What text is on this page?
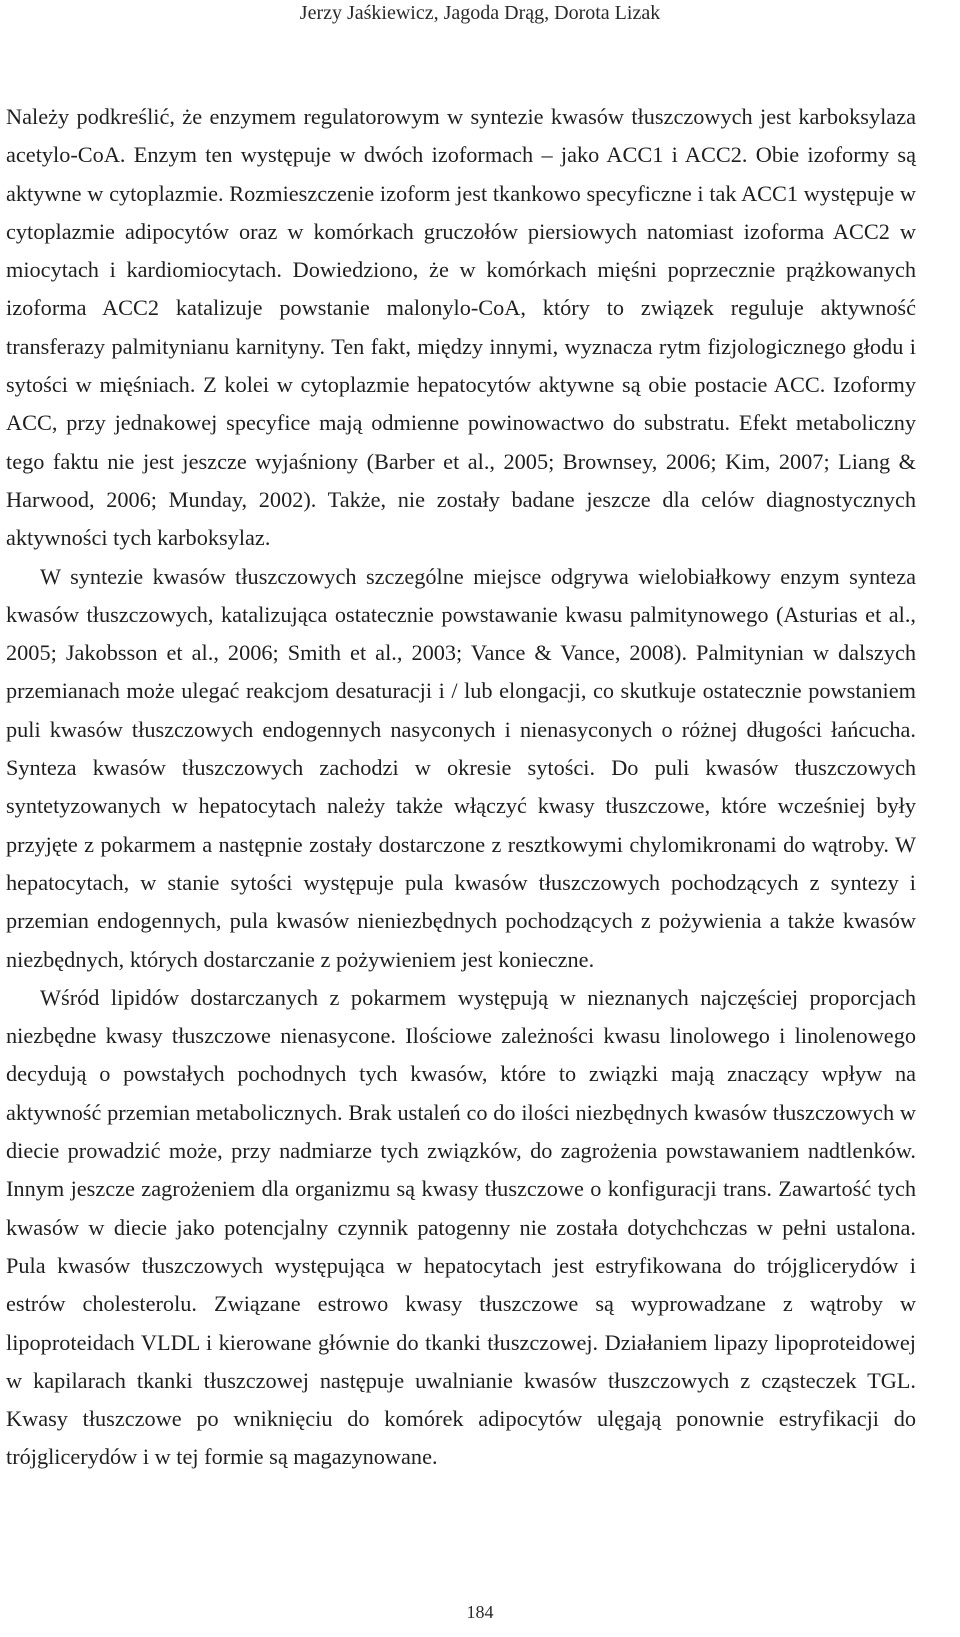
Jerzy Jaśkiewicz, Jagoda Drąg, Dorota Lizak

Należy podkreślić, że enzymem regulatorowym w syntezie kwasów tłuszczowych jest karboksylaza acetylo-CoA. Enzym ten występuje w dwóch izoformach – jako ACC1 i ACC2. Obie izoformy są aktywne w cytoplazmie. Rozmieszczenie izoform jest tkankowo specyficzne i tak ACC1 występuje w cytoplazmie adipocytów oraz w komórkach gruczołów piersiowych natomiast izoforma ACC2 w miocytach i kardiomiocytach. Dowiedziono, że w komórkach mięśni poprzecznie prążkowanych izoforma ACC2 katalizuje powstanie malonylo-CoA, który to związek reguluje aktywność transferazy palmitynianu karnityny. Ten fakt, między innymi, wyznacza rytm fizjologicznego głodu i sytości w mięśniach. Z kolei w cytoplazmie hepatocytów aktywne są obie postacie ACC. Izoformy ACC, przy jednakowej specyfice mają odmienne powinowactwo do substratu. Efekt metaboliczny tego faktu nie jest jeszcze wyjaśniony (Barber et al., 2005; Brownsey, 2006; Kim, 2007; Liang & Harwood, 2006; Munday, 2002). Także, nie zostały badane jeszcze dla celów diagnostycznych aktywności tych karboksylaz.

W syntezie kwasów tłuszczowych szczególne miejsce odgrywa wielobiałkowy enzym synteza kwasów tłuszczowych, katalizująca ostatecznie powstawanie kwasu palmitynowego (Asturias et al., 2005; Jakobsson et al., 2006; Smith et al., 2003; Vance & Vance, 2008). Palmitynian w dalszych przemianach może ulegać reakcjom desaturacji i / lub elongacji, co skutkuje ostatecznie powstaniem puli kwasów tłuszczowych endogennych nasyconych i nienasyconych o różnej długości łańcucha. Synteza kwasów tłuszczowych zachodzi w okresie sytości. Do puli kwasów tłuszczowych syntetyzowanych w hepatocytach należy także włączyć kwasy tłuszczowe, które wcześniej były przyjęte z pokarmem a następnie zostały dostarczone z resztkowymi chylomikronami do wątroby. W hepatocytach, w stanie sytości występuje pula kwasów tłuszczowych pochodzących z syntezy i przemian endogennych, pula kwasów nieniezbędnych pochodzących z pożywienia a także kwasów niezbędnych, których dostarczanie z pożywieniem jest konieczne.

Wśród lipidów dostarczanych z pokarmem występują w nieznanych najczęściej proporcjach niezbędne kwasy tłuszczowe nienasycone. Ilościowe zależności kwasu linolowego i linolenowego decydują o powstałych pochodnych tych kwasów, które to związki mają znaczący wpływ na aktywność przemian metabolicznych. Brak ustaleń co do ilości niezbędnych kwasów tłuszczowych w diecie prowadzić może, przy nadmiarze tych związków, do zagrożenia powstawaniem nadtlenków. Innym jeszcze zagrożeniem dla organizmu są kwasy tłuszczowe o konfiguracji trans. Zawartość tych kwasów w diecie jako potencjalny czynnik patogenny nie została dotychchczas w pełni ustalona. Pula kwasów tłuszczowych występująca w hepatocytach jest estryfikowana do trójglicerydów i estrów cholesterolu. Związane estrowo kwasy tłuszczowe są wyprowadzane z wątroby w lipoproteidach VLDL i kierowane głównie do tkanki tłuszczowej. Działaniem lipazy lipoproteidowej w kapilarach tkanki tłuszczowej następuje uwalnianie kwasów tłuszczowych z cząsteczek TGL. Kwasy tłuszczowe po wniknięciu do komórek adipocytów ulęgają ponownie estryfikacji do trójglicerydów i w tej formie są magazynowane.

184
